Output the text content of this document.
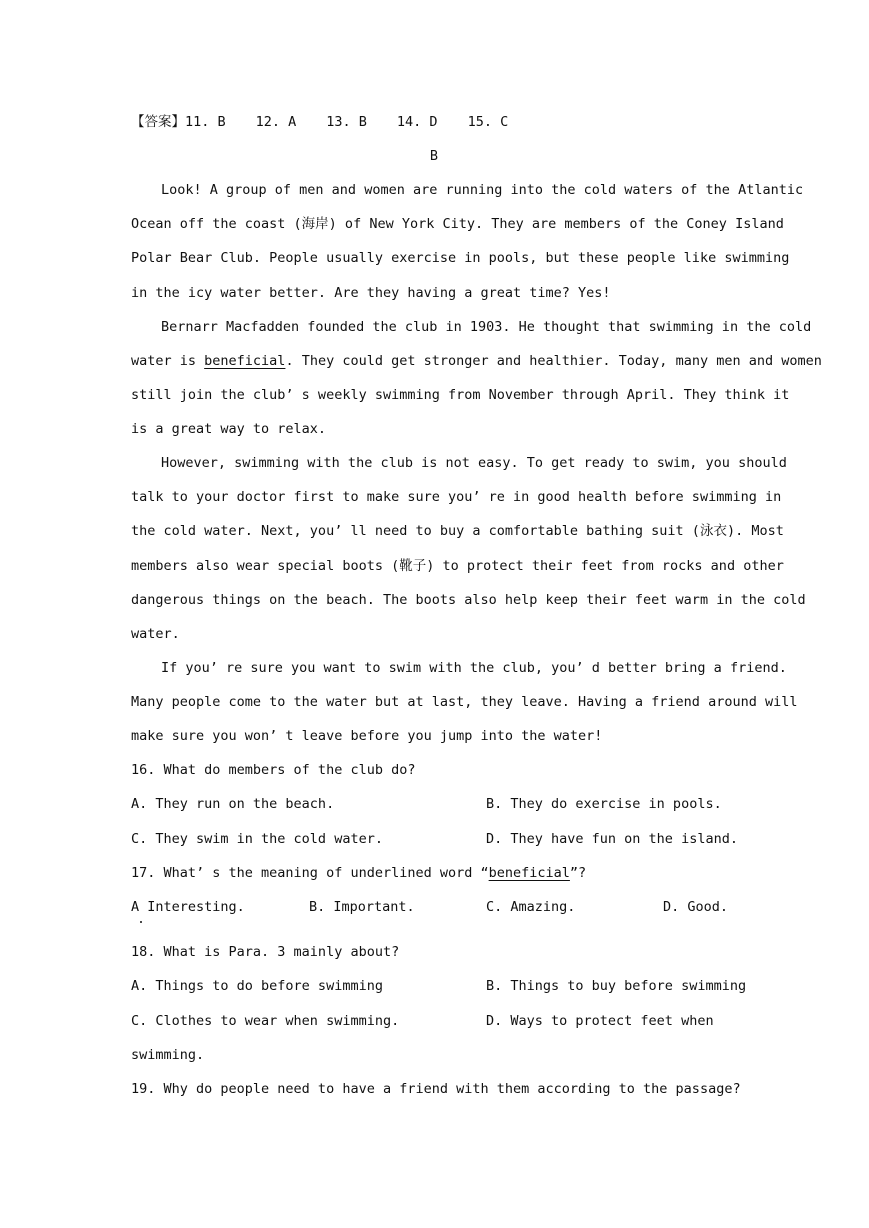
【答案】11. B 12. A 13. B 14. D 15. C
B
Look! A group of men and women are running into the cold waters of the Atlantic
Ocean off the coast (海岸) of New York City. They are members of the Coney Island
Polar Bear Club. People usually exercise in pools, but these people like swimming
in the icy water better. Are they having a great time? Yes!
Bernarr Macfadden founded the club in 1903. He thought that swimming in the cold
water is beneficial. They could get stronger and healthier. Today, many men and women
still join the club’ s weekly swimming from November through April. They think it
is a great way to relax.
However, swimming with the club is not easy. To get ready to swim, you should
talk to your doctor first to make sure you’ re in good health before swimming in
the cold water. Next, you’ ll need to buy a comfortable bathing suit (泳衣). Most
members also wear special boots (靴子) to protect their feet from rocks and other
dangerous things on the beach. The boots also help keep their feet warm in the cold
water.
If you’ re sure you want to swim with the club, you’ d better bring a friend.
Many people come to the water but at last, they leave. Having a friend around will
make sure you won’ t leave before you jump into the water!
16. What do members of the club do?
A. They run on the beach.	B. They do exercise in pools.
C. They swim in the cold water.	D. They have fun on the island.
17. What’ s the meaning of underlined word “beneficial”?
A Interesting.	B. Important.	C. Amazing.	D. Good.
18. What is Para. 3 mainly about?
A. Things to do before swimming	B. Things to buy before swimming
C. Clothes to wear when swimming.	D. Ways to protect feet when
swimming.
19. Why do people need to have a friend with them according to the passage?
